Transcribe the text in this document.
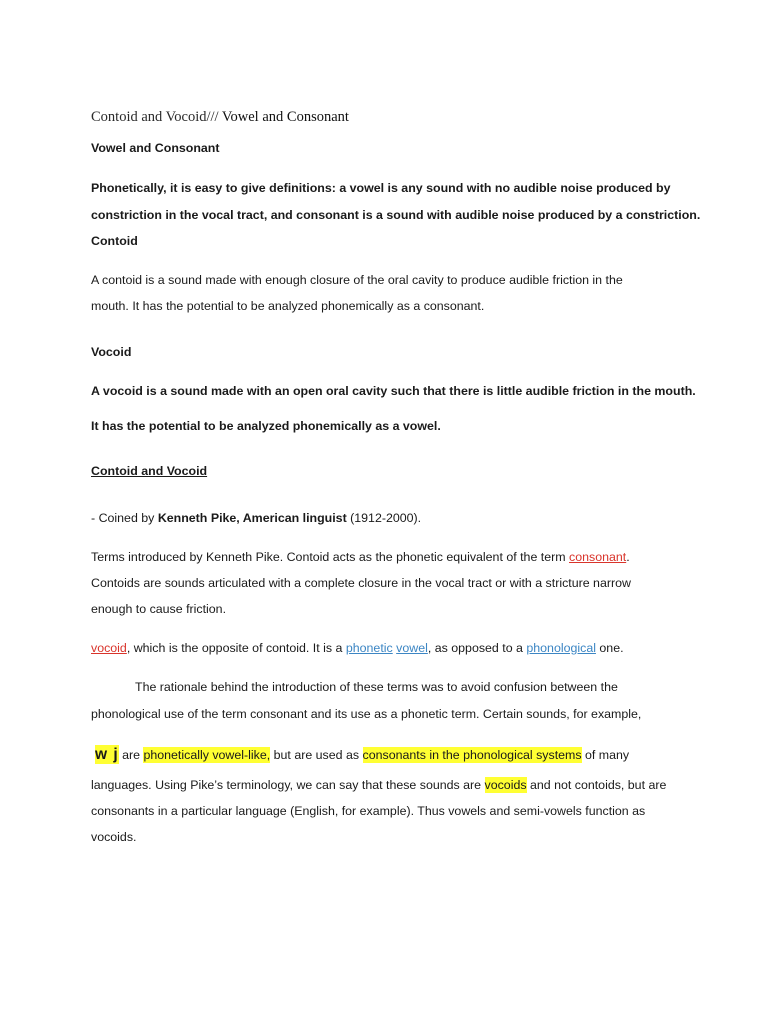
Contoid and Vocoid/// Vowel and Consonant
Vowel and Consonant
Phonetically, it is easy to give definitions: a vowel is any sound with no audible noise produced by
constriction in the vocal tract, and consonant is a sound with audible noise produced by a constriction.
Contoid
A contoid is a sound made with enough closure of the oral cavity to produce audible friction in the
mouth. It has the potential to be analyzed phonemically as a consonant.
Vocoid
A vocoid is a sound made with an open oral cavity such that there is little audible friction in the mouth.
It has the potential to be analyzed phonemically as a vowel.
Contoid and Vocoid
- Coined by Kenneth Pike, American linguist (1912-2000).
Terms introduced by Kenneth Pike. Contoid acts as the phonetic equivalent of the term consonant.
Contoids are sounds articulated with a complete closure in the vocal tract or with a stricture narrow
enough to cause friction.
vocoid, which is the opposite of contoid. It is a phonetic vowel, as opposed to a phonological one.
The rationale behind the introduction of these terms was to avoid confusion between the
phonological use of the term consonant and its use as a phonetic term. Certain sounds, for example,
w j are phonetically vowel-like, but are used as consonants in the phonological systems of many
languages. Using Pike’s terminology, we can say that these sounds are vocoids and not contoids, but are
consonants in a particular language (English, for example). Thus vowels and semi-vowels function as
vocoids.
